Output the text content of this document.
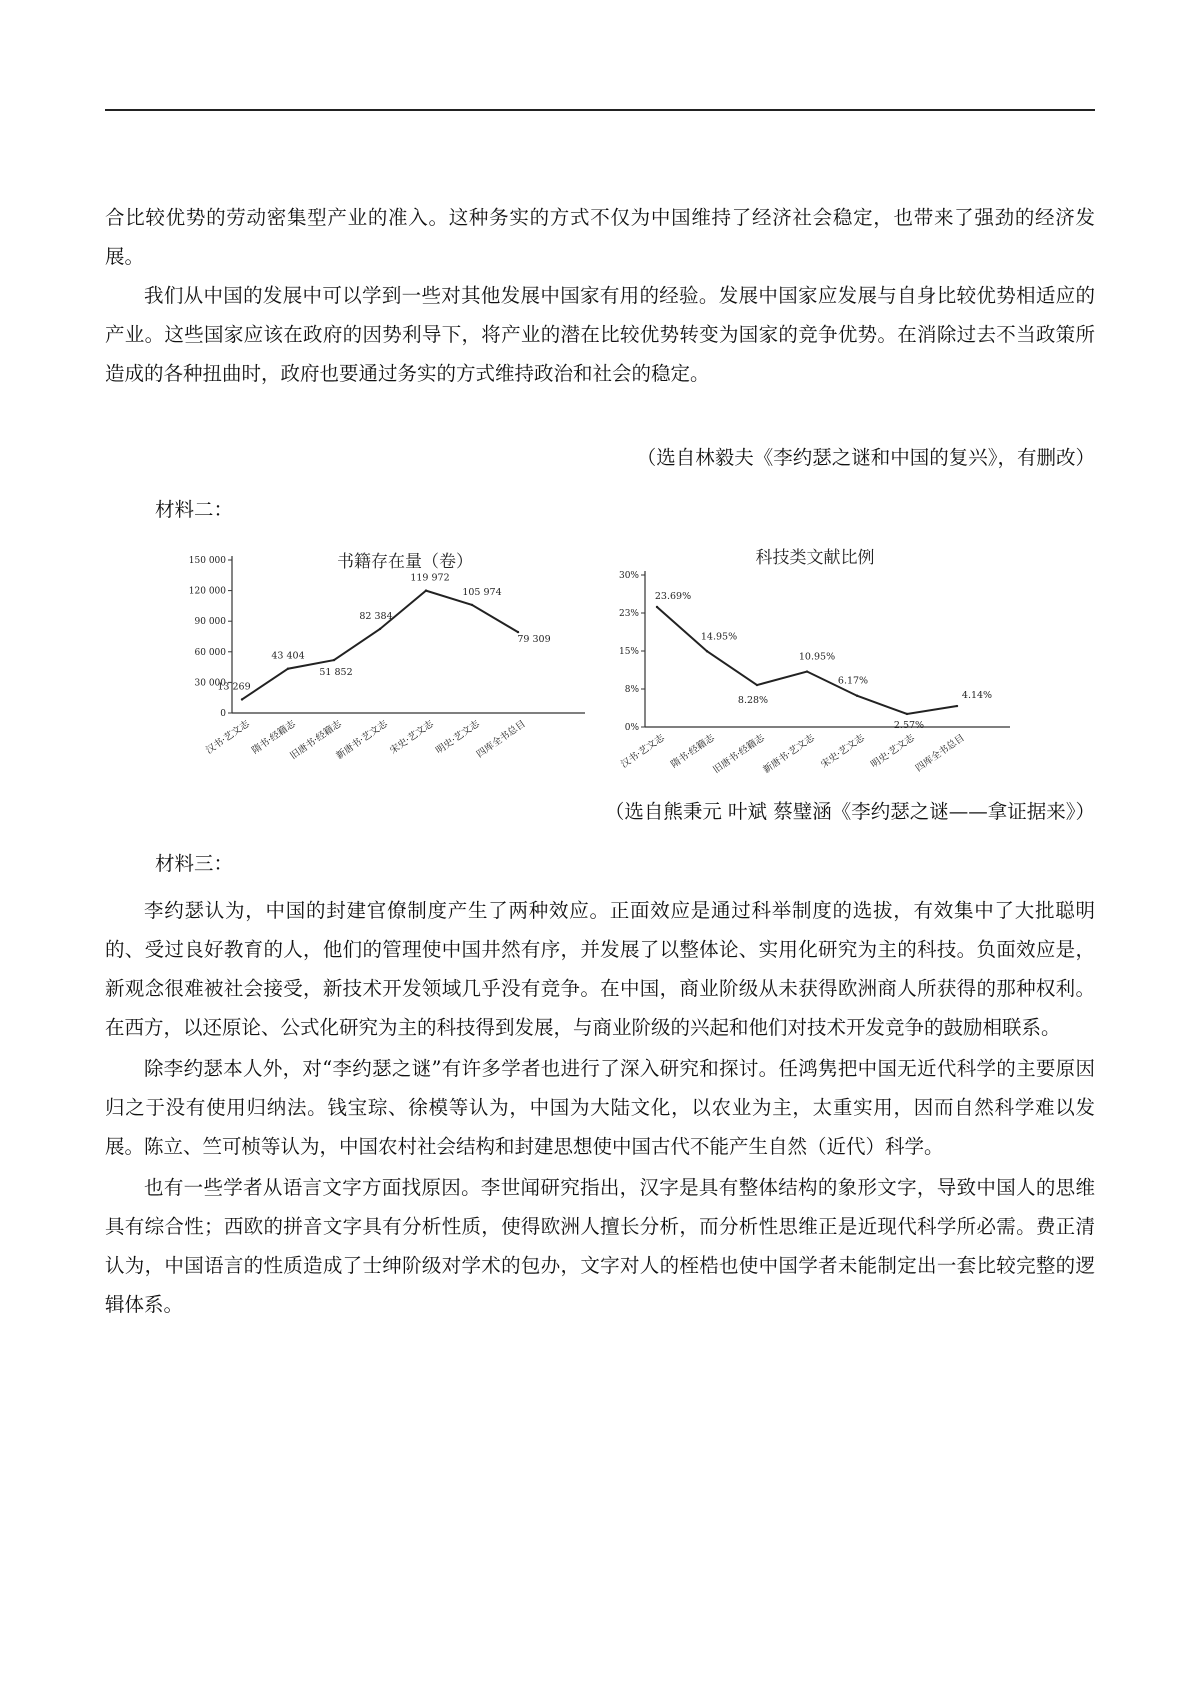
合比较优势的劳动密集型产业的准入。这种务实的方式不仅为中国维持了经济社会稳定，也带来了强劲的经济发展。

我们从中国的发展中可以学到一些对其他发展中国家有用的经验。发展中国家应发展与自身比较优势相适应的产业。这些国家应该在政府的因势利导下，将产业的潜在比较优势转变为国家的竞争优势。在消除过去不当政策所造成的各种扭曲时，政府也要通过务实的方式维持政治和社会的稳定。

（选自林毅夫《李约瑟之谜和中国的复兴》，有删改）
材料二：
书籍存在量（卷）
0
30 000
60 000
90 000
120 000
150 000
汉书·艺文志
隋书·经籍志
旧唐书·经籍志
新唐书·艺文志
宋史·艺文志
明史·艺文志
四库全书总目
13 269
43 404
51 852
82 384
119 972
105 974
79 309
科技类文献比例
0%
8%
15%
23%
30%
汉书·艺文志 隋书·经籍志
旧唐书·经籍志
新唐书·艺文志 宋史·艺文志 明史·艺文志
四库全书总目
23.69%
14.95%
8.28%
10.95%
6.17%
2.57%
4.14%
（选自熊秉元 叶斌 蔡璧涵《李约瑟之谜——拿证据来》）
材料三：

李约瑟认为，中国的封建官僚制度产生了两种效应。正面效应是通过科举制度的选拔，有效集中了大批聪明的、受过良好教育的人，他们的管理使中国井然有序，并发展了以整体论、实用化研究为主的科技。负面效应是，新观念很难被社会接受，新技术开发领域几乎没有竞争。在中国，商业阶级从未获得欧洲商人所获得的那种权利。在西方，以还原论、公式化研究为主的科技得到发展，与商业阶级的兴起和他们对技术开发竞争的鼓励相联系。

除李约瑟本人外，对“李约瑟之谜”有许多学者也进行了深入研究和探讨。任鸿隽把中国无近代科学的主要原因归之于没有使用归纳法。钱宝琮、徐模等认为，中国为大陆文化，以农业为主，太重实用，因而自然科学难以发展。陈立、竺可桢等认为，中国农村社会结构和封建思想使中国古代不能产生自然（近代）科学。

也有一些学者从语言文字方面找原因。李世闻研究指出，汉字是具有整体结构的象形文字，导致中国人的思维具有综合性；西欧的拼音文字具有分析性质，使得欧洲人擅长分析，而分析性思维正是近现代科学所必需。费正清认为，中国语言的性质造成了士绅阶级对学术的包办，文字对人的桎梏也使中国学者未能制定出一套比较完整的逻辑体系。
